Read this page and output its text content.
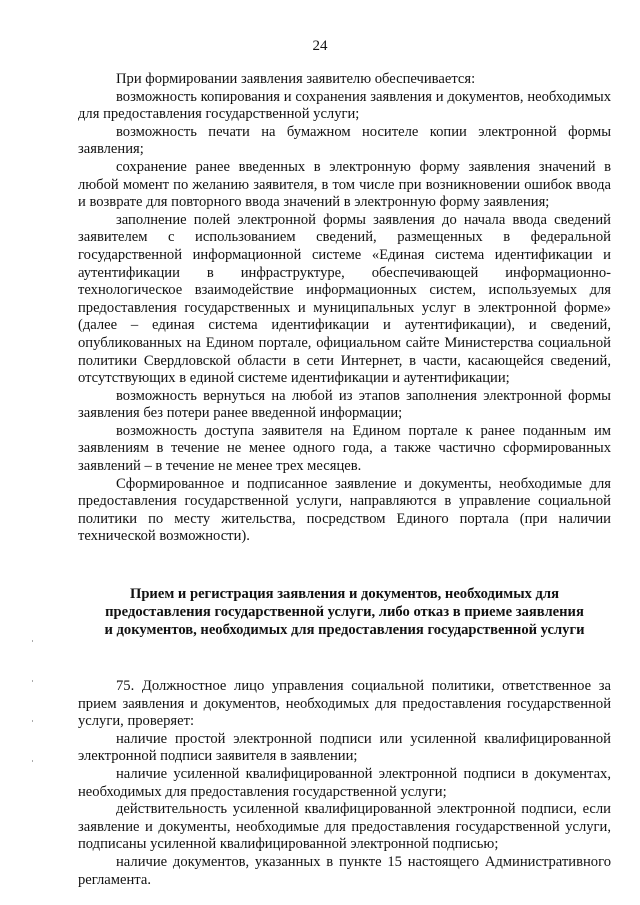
24

При формировании заявления заявителю обеспечивается:

возможность копирования и сохранения заявления и документов, необходимых для предоставления государственной услуги;

возможность печати на бумажном носителе копии электронной формы заявления;

сохранение ранее введенных в электронную форму заявления значений в любой момент по желанию заявителя, в том числе при возникновении ошибок ввода и возврате для повторного ввода значений в электронную форму заявления;

заполнение полей электронной формы заявления до начала ввода сведений заявителем с использованием сведений, размещенных в федеральной государственной информационной системе «Единая система идентификации и аутентификации в инфраструктуре, обеспечивающей информационно-технологическое взаимодействие информационных систем, используемых для предоставления государственных и муниципальных услуг в электронной форме» (далее – единая система идентификации и аутентификации), и сведений, опубликованных на Едином портале, официальном сайте Министерства социальной политики Свердловской области в сети Интернет, в части, касающейся сведений, отсутствующих в единой системе идентификации и аутентификации;

возможность вернуться на любой из этапов заполнения электронной формы заявления без потери ранее введенной информации;

возможность доступа заявителя на Едином портале к ранее поданным им заявлениям в течение не менее одного года, а также частично сформированных заявлений – в течение не менее трех месяцев.

Сформированное и подписанное заявление и документы, необходимые для предоставления государственной услуги, направляются в управление социальной политики по месту жительства, посредством Единого портала (при наличии технической возможности).

Прием и регистрация заявления и документов, необходимых для
предоставления государственной услуги, либо отказ в приеме заявления
и документов, необходимых для предоставления государственной услуги

75. Должностное лицо управления социальной политики, ответственное за прием заявления и документов, необходимых для предоставления государственной услуги, проверяет:

наличие простой электронной подписи или усиленной квалифицированной электронной подписи заявителя в заявлении;

наличие усиленной квалифицированной электронной подписи в документах, необходимых для предоставления государственной услуги;

действительность усиленной квалифицированной электронной подписи, если заявление и документы, необходимые для предоставления государственной услуги, подписаны усиленной квалифицированной электронной подписью;

наличие документов, указанных в пункте 15 настоящего Административного регламента.
